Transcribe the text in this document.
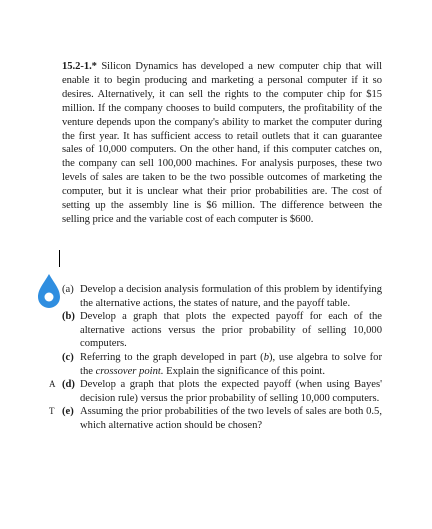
15.2-1.* Silicon Dynamics has developed a new computer chip that will enable it to begin producing and marketing a personal computer if it so desires. Alternatively, it can sell the rights to the computer chip for $15 million. If the company chooses to build computers, the profitability of the venture depends upon the company's ability to market the computer during the first year. It has sufficient access to retail outlets that it can guarantee sales of 10,000 computers. On the other hand, if this computer catches on, the company can sell 100,000 machines. For analysis purposes, these two levels of sales are taken to be the two possible outcomes of marketing the computer, but it is unclear what their prior probabilities are. The cost of setting up the assembly line is $6 million. The difference between the selling price and the variable cost of each computer is $600.
(a) Develop a decision analysis formulation of this problem by identifying the alternative actions, the states of nature, and the payoff table.
(b) Develop a graph that plots the expected payoff for each of the alternative actions versus the prior probability of selling 10,000 computers.
(c) Referring to the graph developed in part (b), use algebra to solve for the crossover point. Explain the significance of this point.
A (d) Develop a graph that plots the expected payoff (when using Bayes' decision rule) versus the prior probability of selling 10,000 computers.
T (e) Assuming the prior probabilities of the two levels of sales are both 0.5, which alternative action should be chosen?
